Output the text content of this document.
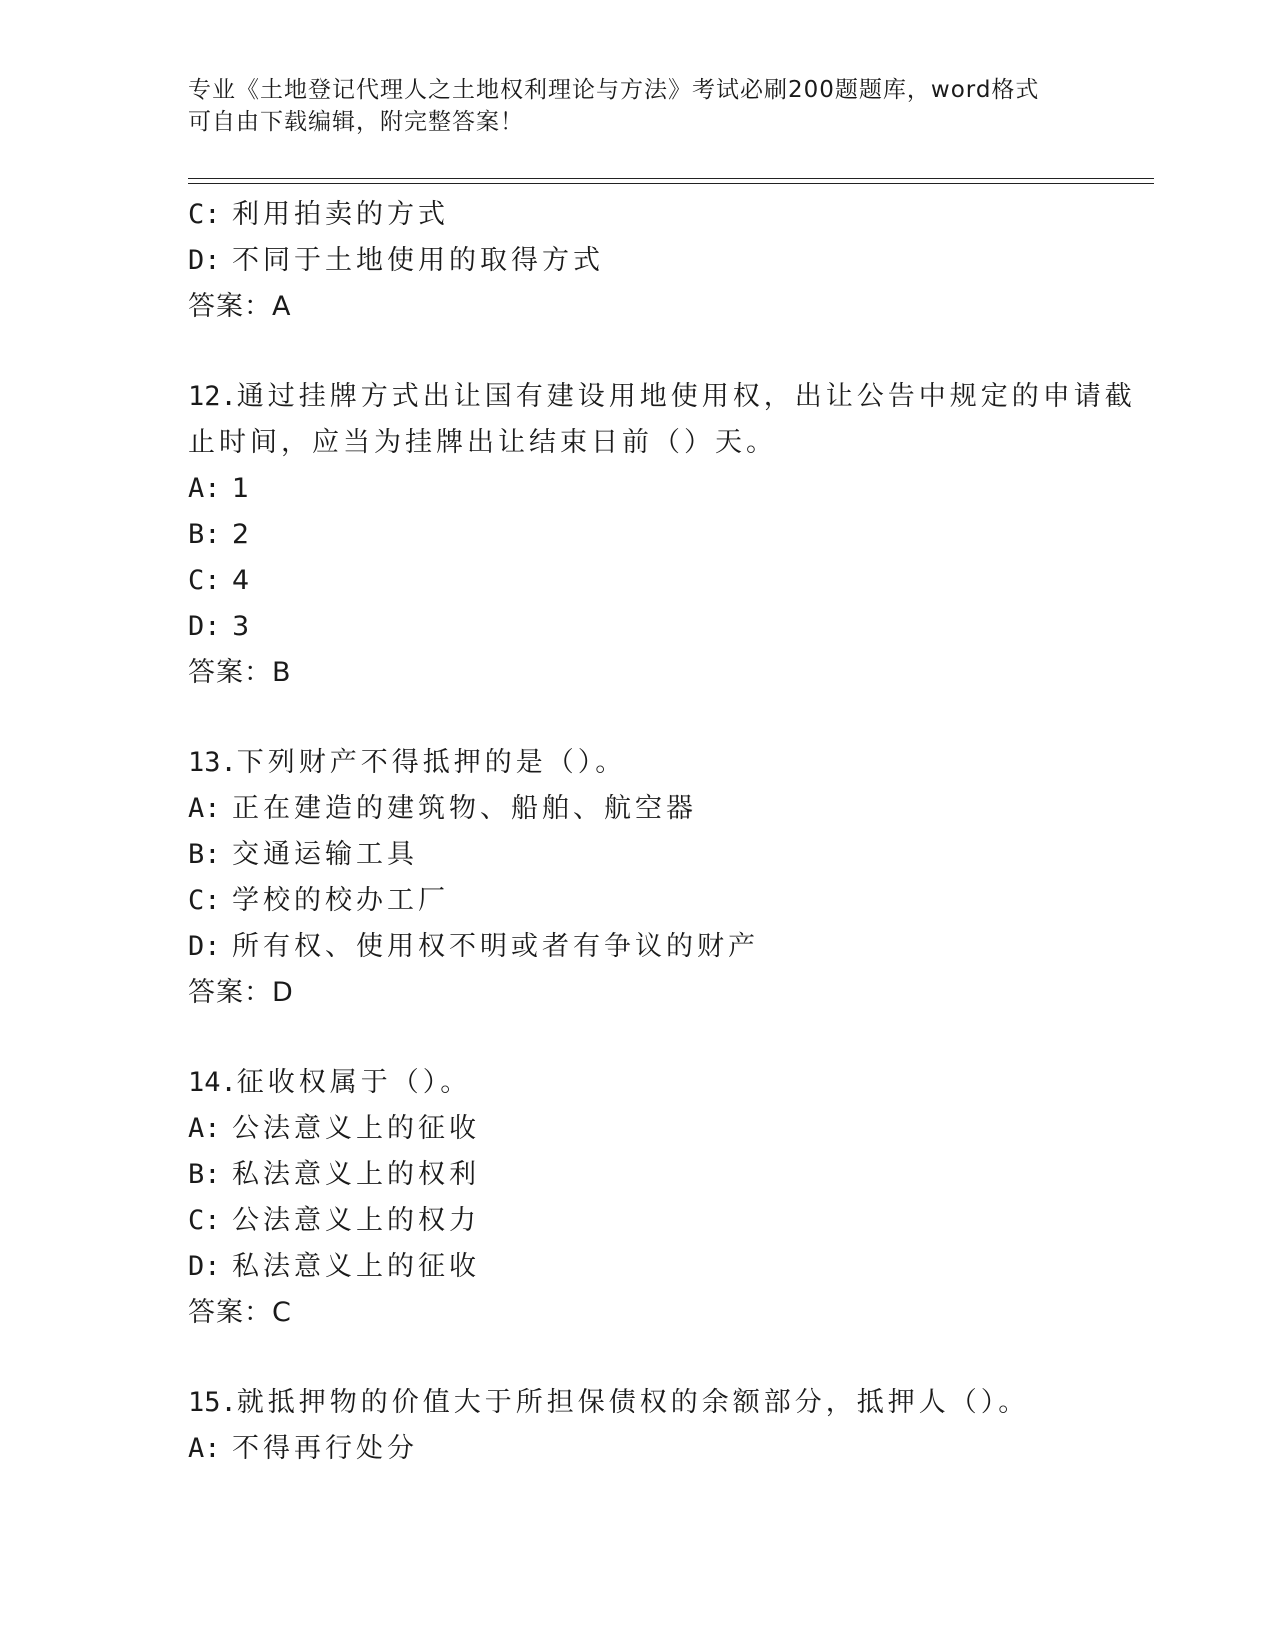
专业《土地登记代理人之土地权利理论与方法》考试必刷200题题库，word格式
可自由下载编辑，附完整答案！
C: 利用拍卖的方式
D: 不同于土地使用的取得方式
答案：A
12.通过挂牌方式出让国有建设用地使用权，出让公告中规定的申请截
止时间，应当为挂牌出让结束日前（）天。
A: 1
B: 2
C: 4
D: 3
答案：B
13.下列财产不得抵押的是（）。
A: 正在建造的建筑物、船舶、航空器
B: 交通运输工具
C: 学校的校办工厂
D: 所有权、使用权不明或者有争议的财产
答案：D
14.征收权属于（）。
A: 公法意义上的征收
B: 私法意义上的权利
C: 公法意义上的权力
D: 私法意义上的征收
答案：C
15.就抵押物的价值大于所担保债权的余额部分，抵押人（）。
A: 不得再行处分
